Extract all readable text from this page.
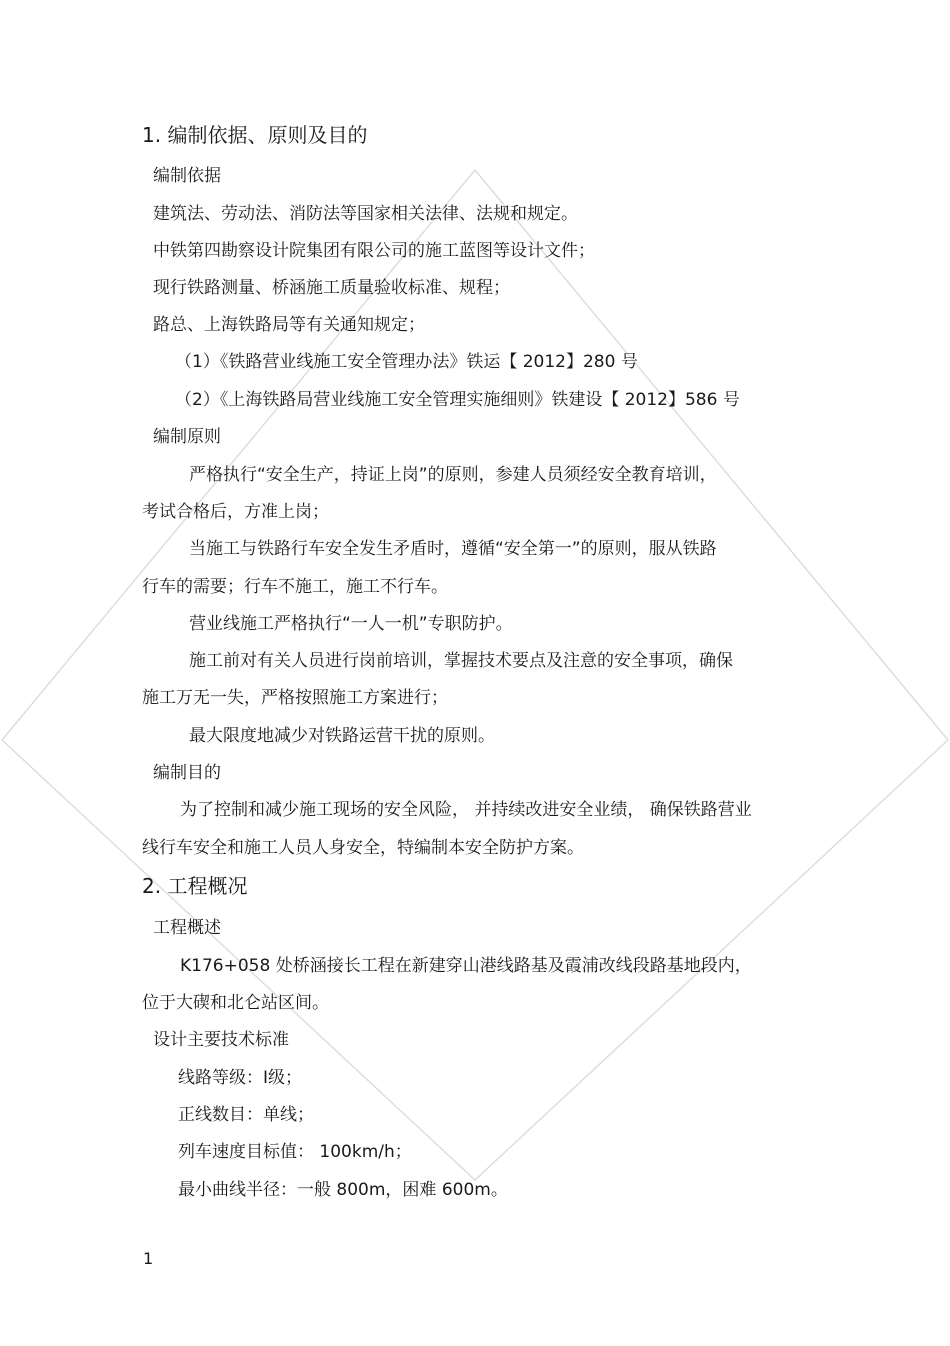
1. 编制依据、原则及目的
编制依据
建筑法、劳动法、消防法等国家相关法律、法规和规定。
中铁第四勘察设计院集团有限公司的施工蓝图等设计文件；
现行铁路测量、桥涵施工质量验收标准、规程；
路总、上海铁路局等有关通知规定；
（1）《铁路营业线施工安全管理办法》铁运【 2012】280 号
（2）《上海铁路局营业线施工安全管理实施细则》铁建设【 2012】586 号
编制原则
严格执行“安全生产，持证上岗”的原则，参建人员须经安全教育培训，
考试合格后，方准上岗；
当施工与铁路行车安全发生矛盾时，遵循“安全第一”的原则，服从铁路
行车的需要；行车不施工，施工不行车。
营业线施工严格执行“一人一机”专职防护。
施工前对有关人员进行岗前培训，掌握技术要点及注意的安全事项，确保
施工万无一失，严格按照施工方案进行；
最大限度地减少对铁路运营干扰的原则。
编制目的
为了控制和减少施工现场的安全风险， 并持续改进安全业绩， 确保铁路营业
线行车安全和施工人员人身安全，特编制本安全防护方案。
2. 工程概况
工程概述
K176+058 处桥涵接长工程在新建穿山港线路基及霞浦改线段路基地段内，
位于大碶和北仑站区间。
设计主要技术标准
线路等级：Ⅰ级；
正线数目：单线；
列车速度目标值： 100km/h；
最小曲线半径：一般 800m，困难 600m。
1
